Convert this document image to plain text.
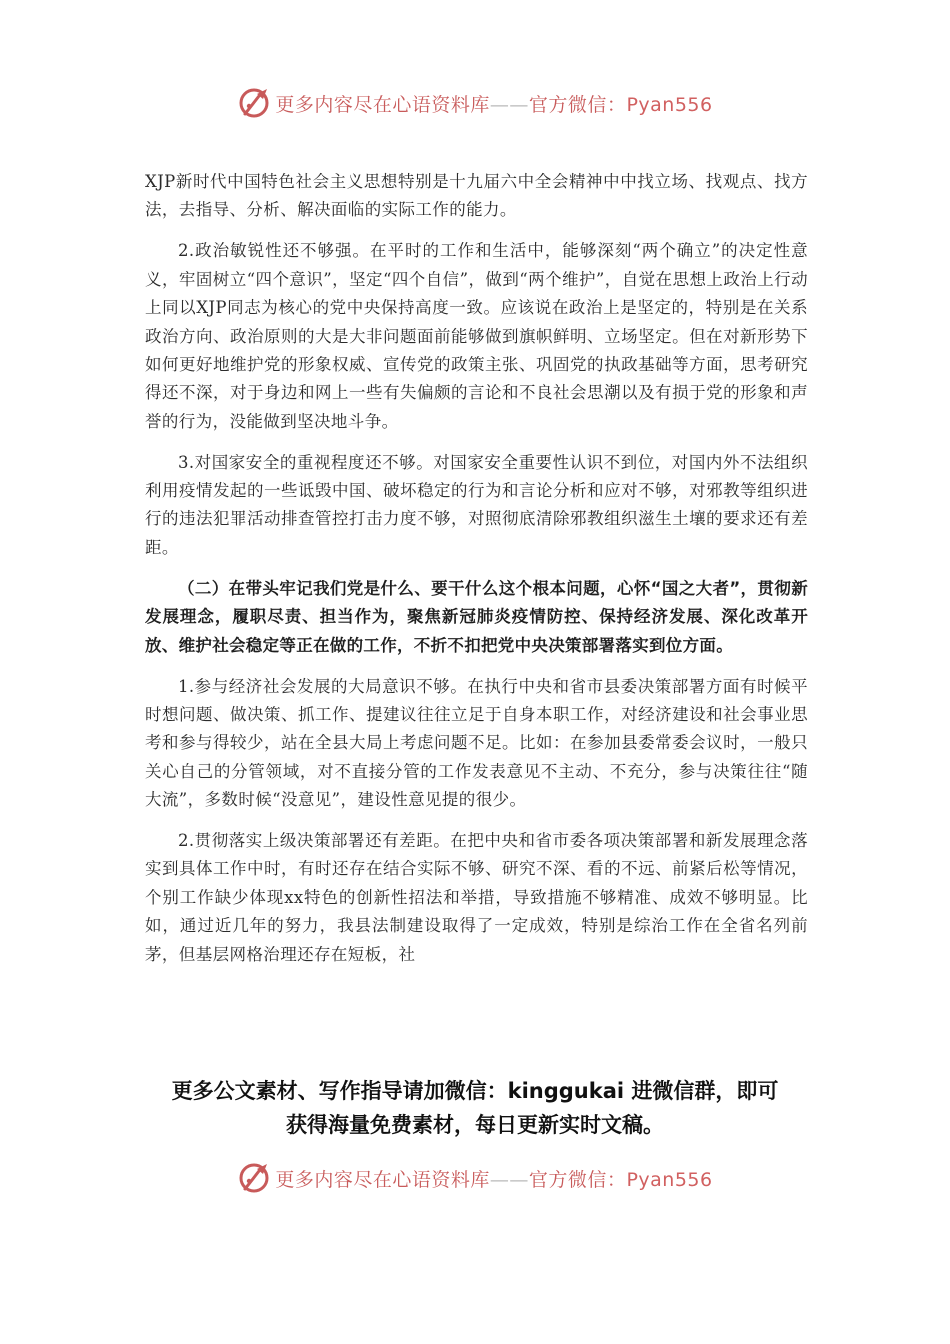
更多内容尽在心语资料库——官方微信：Pyan556

XJP新时代中国特色社会主义思想特别是十九届六中全会精神中中找立场、找观点、找方法，去指导、分析、解决面临的实际工作的能力。

2.政治敏锐性还不够强。在平时的工作和生活中，能够深刻“两个确立”的决定性意义，牢固树立“四个意识”，坚定“四个自信”，做到“两个维护”，自觉在思想上政治上行动上同以XJP同志为核心的党中央保持高度一致。应该说在政治上是坚定的，特别是在关系政治方向、政治原则的大是大非问题面前能够做到旗帜鲜明、立场坚定。但在对新形势下如何更好地维护党的形象权威、宣传党的政策主张、巩固党的执政基础等方面，思考研究得还不深，对于身边和网上一些有失偏颇的言论和不良社会思潮以及有损于党的形象和声誉的行为，没能做到坚决地斗争。

3.对国家安全的重视程度还不够。对国家安全重要性认识不到位，对国内外不法组织利用疫情发起的一些诋毁中国、破坏稳定的行为和言论分析和应对不够，对邪教等组织进行的违法犯罪活动排查管控打击力度不够，对照彻底清除邪教组织滋生土壤的要求还有差距。

（二）在带头牢记我们党是什么、要干什么这个根本问题，心怀“国之大者”，贯彻新发展理念，履职尽责、担当作为，聚焦新冠肺炎疫情防控、保持经济发展、深化改革开放、维护社会稳定等正在做的工作，不折不扣把党中央决策部署落实到位方面。

1.参与经济社会发展的大局意识不够。在执行中央和省市县委决策部署方面有时候平时想问题、做决策、抓工作、提建议往往立足于自身本职工作，对经济建设和社会事业思考和参与得较少，站在全县大局上考虑问题不足。比如：在参加县委常委会议时，一般只关心自己的分管领域，对不直接分管的工作发表意见不主动、不充分，参与决策往往“随大流”，多数时候“没意见”，建设性意见提的很少。

2.贯彻落实上级决策部署还有差距。在把中央和省市委各项决策部署和新发展理念落实到具体工作中时，有时还存在结合实际不够、研究不深、看的不远、前紧后松等情况，个别工作缺少体现xx特色的创新性招法和举措，导致措施不够精准、成效不够明显。比如，通过近几年的努力，我县法制建设取得了一定成效，特别是综治工作在全省名列前茅，但基层网格治理还存在短板，社

更多公文素材、写作指导请加微信：kinggukai 进微信群，即可
获得海量免费素材，每日更新实时文稿。
更多内容尽在心语资料库——官方微信：Pyan556
